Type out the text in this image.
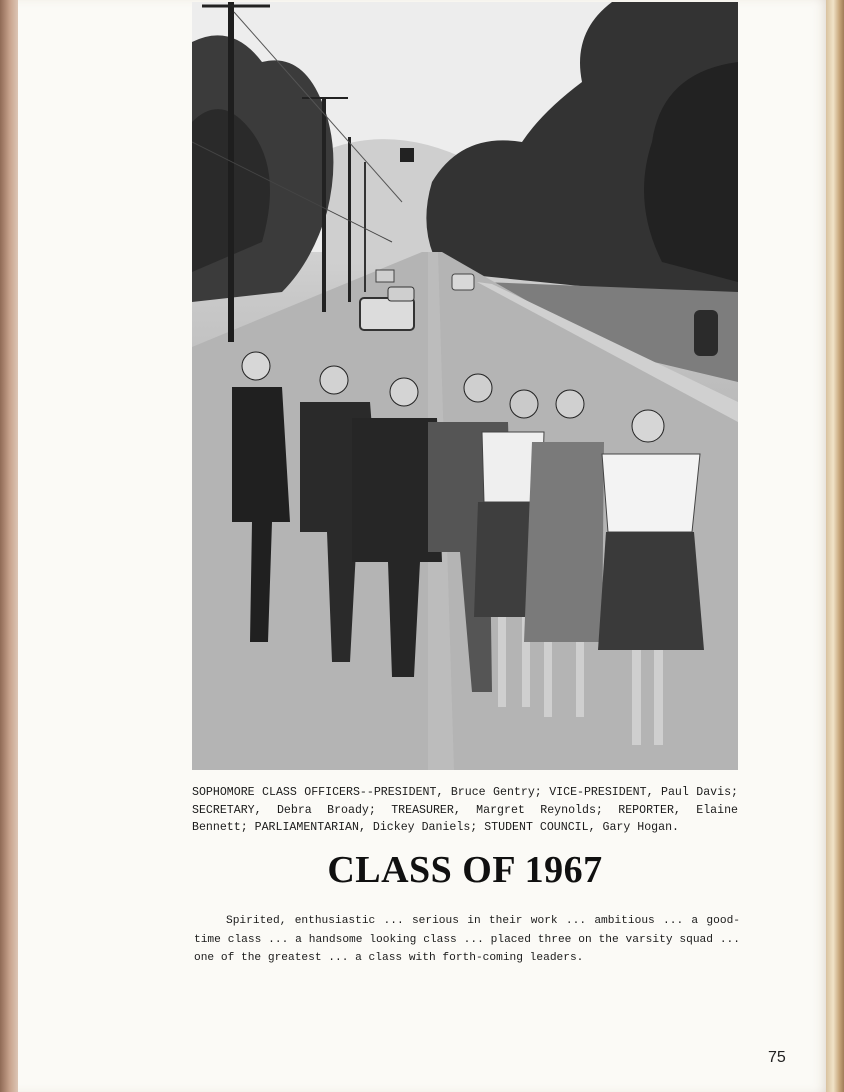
SOPHOMORE CLASS OFFICERS--PRESIDENT, Bruce Gentry; VICE-PRESIDENT, Paul Davis; SECRETARY, Debra Broady; TREASURER, Margret Reynolds; REPORTER, Elaine Bennett; PARLIAMENTARIAN, Dickey Daniels; STUDENT COUNCIL, Gary Hogan.
CLASS OF 1967
Spirited, enthusiastic ... serious in their work ... ambitious ... a good-time class ... a handsome looking class ... placed three on the varsity squad ... one of the greatest ... a class with forth-coming leaders.
75
